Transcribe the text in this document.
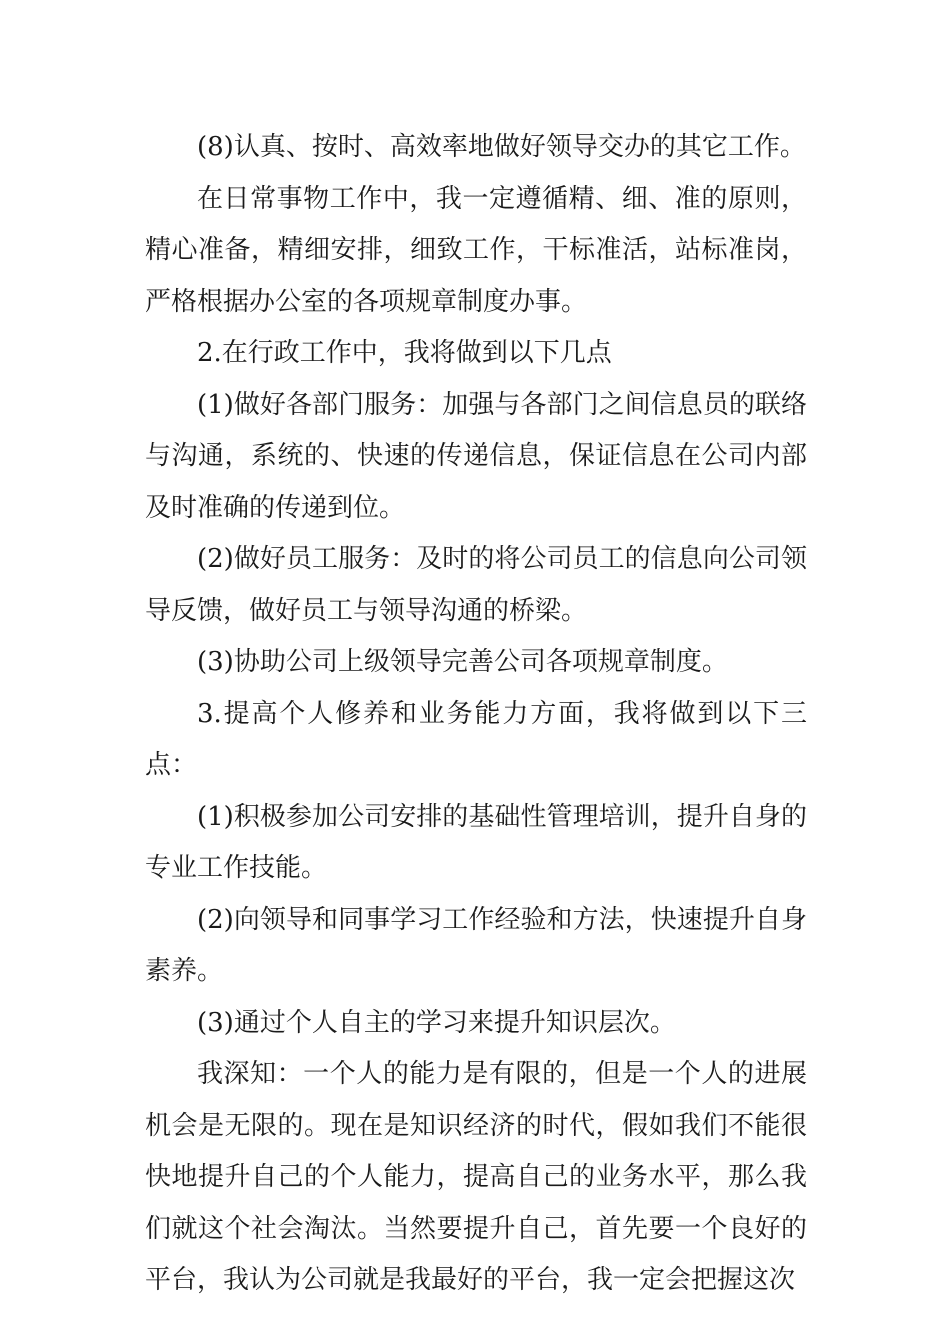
(8)认真、按时、高效率地做好领导交办的其它工作。

在日常事物工作中，我一定遵循精、细、准的原则，精心准备，精细安排，细致工作，干标准活，站标准岗，严格根据办公室的各项规章制度办事。

2.在行政工作中，我将做到以下几点

(1)做好各部门服务：加强与各部门之间信息员的联络与沟通，系统的、快速的传递信息，保证信息在公司内部及时准确的传递到位。

(2)做好员工服务：及时的将公司员工的信息向公司领导反馈，做好员工与领导沟通的桥梁。

(3)协助公司上级领导完善公司各项规章制度。

3.提高个人修养和业务能力方面，我将做到以下三点：

(1)积极参加公司安排的基础性管理培训，提升自身的专业工作技能。

(2)向领导和同事学习工作经验和方法，快速提升自身素养。

(3)通过个人自主的学习来提升知识层次。

我深知：一个人的能力是有限的，但是一个人的进展机会是无限的。现在是知识经济的时代，假如我们不能很快地提升自己的个人能力，提高自己的业务水平，那么我们就这个社会淘汰。当然要提升自己，首先要一个良好的平台，我认为公司就是我最好的平台，我一定会把握这次
